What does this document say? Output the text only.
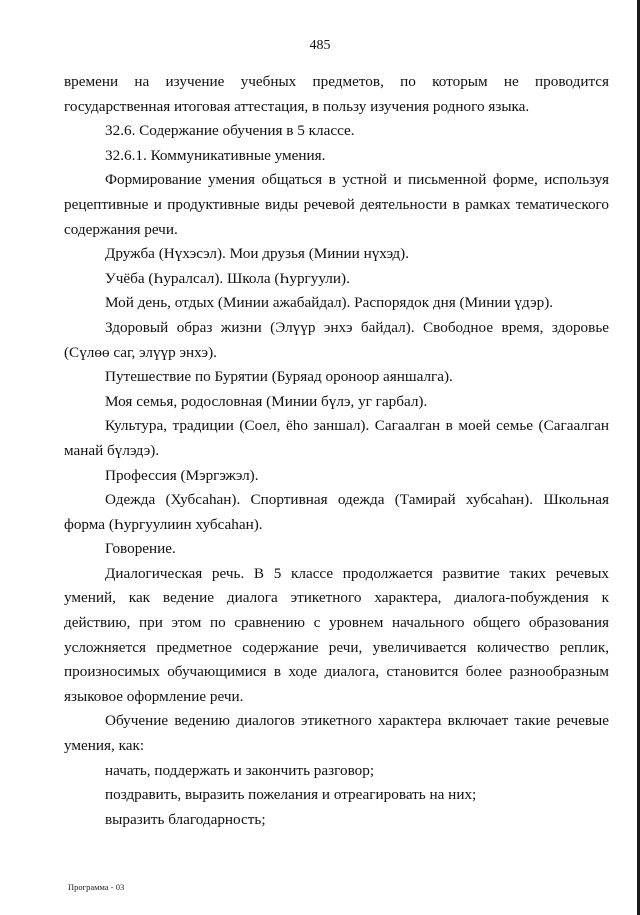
485

времени на изучение учебных предметов, по которым не проводится

государственная итоговая аттестация, в пользу изучения родного языка.

32.6. Содержание обучения в 5 классе.

32.6.1. Коммуникативные умения.

Формирование умения общаться в устной и письменной форме, используя рецептивные и продуктивные виды речевой деятельности в рамках тематического содержания речи.

Дружба (Нүхэсэл). Мои друзья (Минии нүхэд).

Учёба (Һуралсал). Школа (Һургуули).

Мой день, отдых (Минии ажабайдал). Распорядок дня (Минии үдэр).

Здоровый образ жизни (Элүүр энхэ байдал). Свободное время, здоровье (Сүлөө саг, элүүр энхэ).

Путешествие по Бурятии (Буряад ороноор аяншалга).

Моя семья, родословная (Минии бүлэ, уг гарбал).

Культура, традиции (Соел, ёho заншал). Сагаалган в моей семье (Сагаалган манай бүлэдэ).

Профессия (Мэргэжэл).

Одежда (Хубсаhан). Спортивная одежда (Тамирай хубсаhан). Школьная форма (Һургуулиин хубсаhан).

Говорение.

Диалогическая речь. В 5 классе продолжается развитие таких речевых умений, как ведение диалога этикетного характера, диалога-побуждения к действию, при этом по сравнению с уровнем начального общего образования усложняется предметное содержание речи, увеличивается количество реплик, произносимых обучающимися в ходе диалога, становится более разнообразным языковое оформление речи.

Обучение ведению диалогов этикетного характера включает такие речевые умения, как:

начать, поддержать и закончить разговор;

поздравить, выразить пожелания и отреагировать на них;

выразить благодарность;

Программа - 03
